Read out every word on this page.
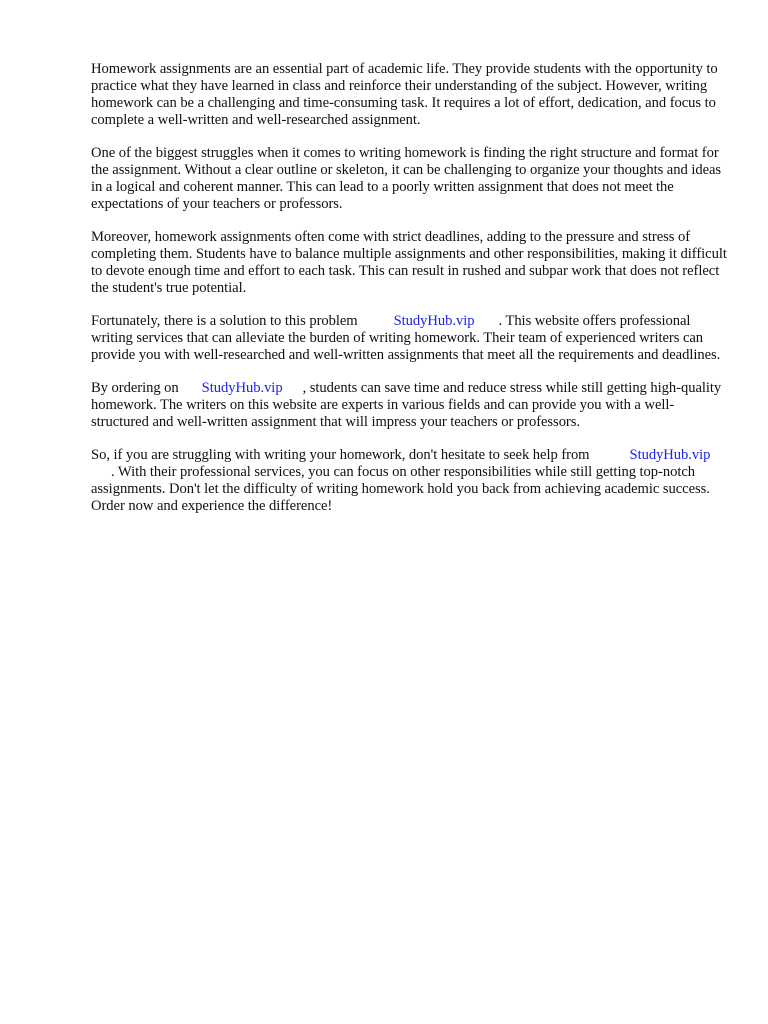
Homework assignments are an essential part of academic life. They provide students with the opportunity to practice what they have learned in class and reinforce their understanding of the subject. However, writing homework can be a challenging and time-consuming task. It requires a lot of effort, dedication, and focus to complete a well-written and well-researched assignment.

One of the biggest struggles when it comes to writing homework is finding the right structure and format for the assignment. Without a clear outline or skeleton, it can be challenging to organize your thoughts and ideas in a logical and coherent manner. This can lead to a poorly written assignment that does not meet the expectations of your teachers or professors.

Moreover, homework assignments often come with strict deadlines, adding to the pressure and stress of completing them. Students have to balance multiple assignments and other responsibilities, making it difficult to devote enough time and effort to each task. This can result in rushed and subpar work that does not reflect the student's true potential.

Fortunately, there is a solution to this problem StudyHub.vip . This website offers professional writing services that can alleviate the burden of writing homework. Their team of experienced writers can provide you with well-researched and well-written assignments that meet all the requirements and deadlines.

By ordering on StudyHub.vip , students can save time and reduce stress while still getting high-quality homework. The writers on this website are experts in various fields and can provide you with a well-structured and well-written assignment that will impress your teachers or professors.

So, if you are struggling with writing your homework, don't hesitate to seek help from	StudyHub.vip. With their professional services, you can focus on other responsibilities while still getting top-notch assignments. Don't let the difficulty of writing homework hold you back from achieving academic success. Order now and experience the difference!
